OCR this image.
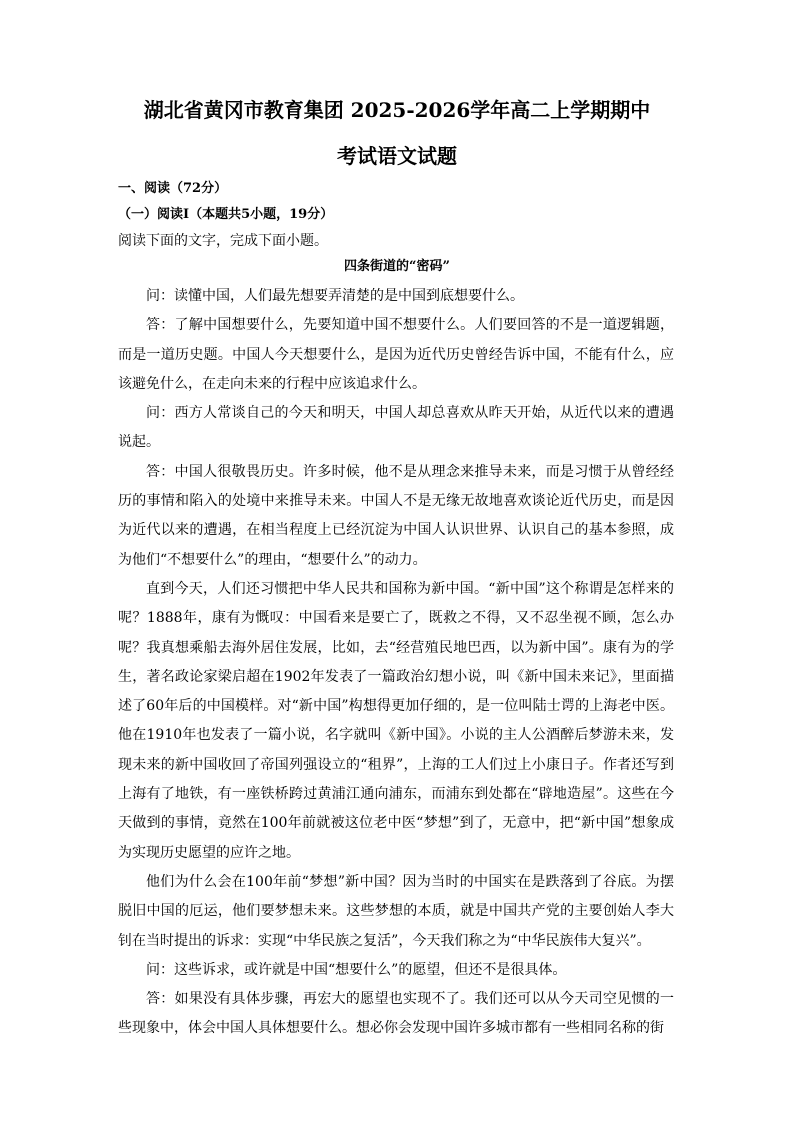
湖北省黄冈市教育集团 2025-2026学年高二上学期期中
考试语文试题

一、阅读（72分）

（一）阅读Ⅰ（本题共5小题，19分）

阅读下面的文字，完成下面小题。

四条街道的“密码”

问：读懂中国，人们最先想要弄清楚的是中国到底想要什么。

答：了解中国想要什么，先要知道中国不想要什么。人们要回答的不是一道逻辑题，而是一道历史题。中国人今天想要什么，是因为近代历史曾经告诉中国，不能有什么，应该避免什么，在走向未来的行程中应该追求什么。

问：西方人常谈自己的今天和明天，中国人却总喜欢从昨天开始，从近代以来的遭遇说起。

答：中国人很敬畏历史。许多时候，他不是从理念来推导未来，而是习惯于从曾经经历的事情和陷入的处境中来推导未来。中国人不是无缘无故地喜欢谈论近代历史，而是因为近代以来的遭遇，在相当程度上已经沉淀为中国人认识世界、认识自己的基本参照，成为他们“不想要什么”的理由，“想要什么”的动力。

直到今天，人们还习惯把中华人民共和国称为新中国。“新中国”这个称谓是怎样来的呢？1888年，康有为慨叹：中国看来是要亡了，既救之不得，又不忍坐视不顾，怎么办呢？我真想乘船去海外居住发展，比如，去“经营殖民地巴西，以为新中国”。康有为的学生，著名政论家梁启超在1902年发表了一篇政治幻想小说，叫《新中国未来记》，里面描述了60年后的中国模样。对“新中国”构想得更加仔细的，是一位叫陆士谔的上海老中医。他在1910年也发表了一篇小说，名字就叫《新中国》。小说的主人公酒醉后梦游未来，发现未来的新中国收回了帝国列强设立的“租界”，上海的工人们过上小康日子。作者还写到上海有了地铁，有一座铁桥跨过黄浦江通向浦东，而浦东到处都在“辟地造屋”。这些在今天做到的事情，竟然在100年前就被这位老中医“梦想”到了，无意中，把“新中国”想象成为实现历史愿望的应许之地。

他们为什么会在100年前“梦想”新中国？因为当时的中国实在是跌落到了谷底。为摆脱旧中国的厄运，他们要梦想未来。这些梦想的本质，就是中国共产党的主要创始人李大钊在当时提出的诉求：实现“中华民族之复活”，今天我们称之为“中华民族伟大复兴”。

问：这些诉求，或许就是中国“想要什么”的愿望，但还不是很具体。

答：如果没有具体步骤，再宏大的愿望也实现不了。我们还可以从今天司空见惯的一些现象中，体会中国人具体想要什么。想必你会发现中国许多城市都有一些相同名称的街
